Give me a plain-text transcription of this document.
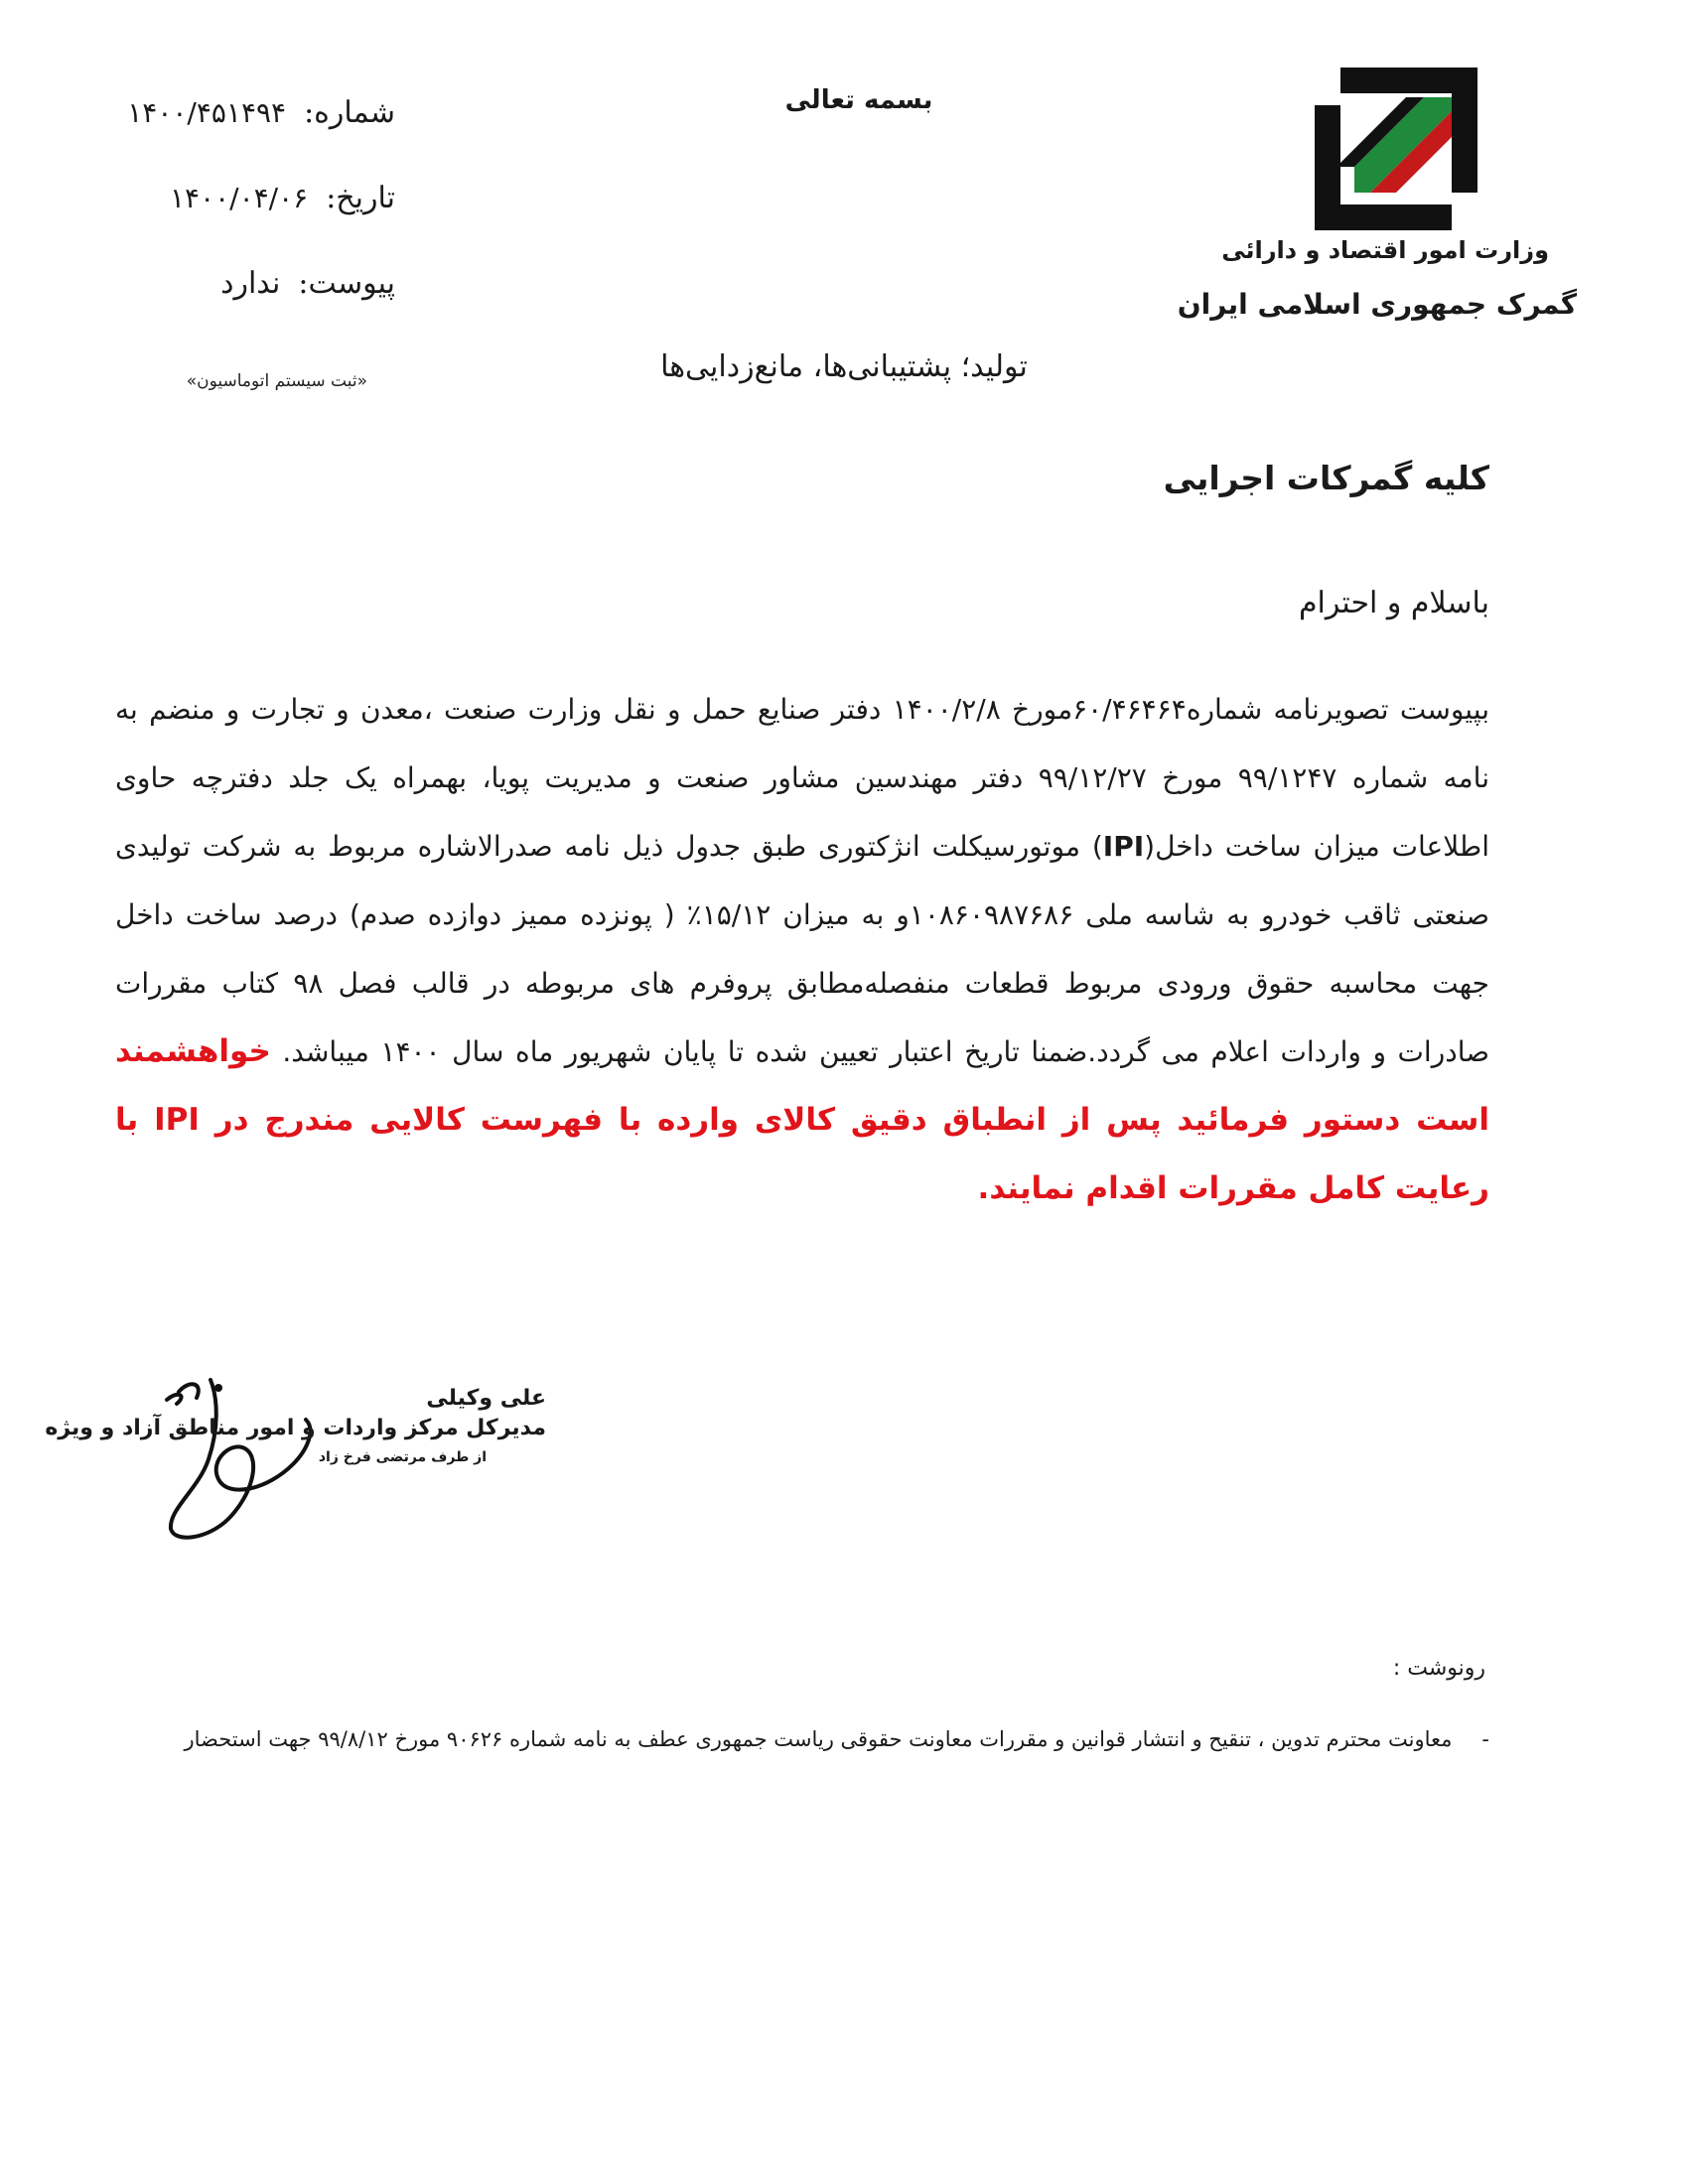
وزارت امور اقتصاد و دارائی
گمرک جمهوری اسلامی ایران
بسمه تعالی
تولید؛ پشتیبانی‌ها، مانع‌زدایی‌ها
شماره:
۱۴۰۰/۴۵۱۴۹۴
تاریخ:
۱۴۰۰/۰۴/۰۶
پیوست:
ندارد
«ثبت سیستم اتوماسیون»
کلیه گمرکات اجرایی
باسلام و احترام
بپیوست تصویرنامه شماره۶۰/۴۶۴۶۴مورخ ۱۴۰۰/۲/۸ دفتر صنایع حمل و نقل وزارت صنعت ،معدن و تجارت و منضم به نامه شماره ۹۹/۱۲۴۷ مورخ ۹۹/۱۲/۲۷ دفتر مهندسین مشاور صنعت و مدیریت پویا، بهمراه یک جلد دفترچه حاوی اطلاعات میزان ساخت داخل(IPI) موتورسیکلت انژکتوری طبق جدول ذیل نامه صدرالاشاره مربوط به شرکت تولیدی صنعتی ثاقب خودرو به شاسه ملی ۱۰۸۶۰۹۸۷۶۸۶و به میزان ۱۵/۱۲٪ ( پونزده ممیز دوازده صدم) درصد ساخت داخل جهت محاسبه حقوق ورودی مربوط قطعات منفصله‌مطابق پروفرم های مربوطه در قالب فصل ۹۸ کتاب مقررات صادرات و واردات اعلام می گردد.ضمنا تاریخ اعتبار تعیین شده تا پایان شهریور ماه سال ۱۴۰۰ میباشد. خواهشمند است دستور فرمائید پس از انطباق دقیق کالای وارده با فهرست کالایی مندرج در IPI با رعایت کامل مقررات اقدام نمایند.
علی وکیلی
مدیرکل مرکز واردات و امور مناطق آزاد و ویژه
از طرف مرتضی فرخ زاد
رونوشت :
-
معاونت محترم تدوین ، تنقیح و انتشار قوانین و مقررات معاونت حقوقی ریاست جمهوری عطف به نامه شماره ۹۰۶۲۶ مورخ ۹۹/۸/۱۲ جهت استحضار
